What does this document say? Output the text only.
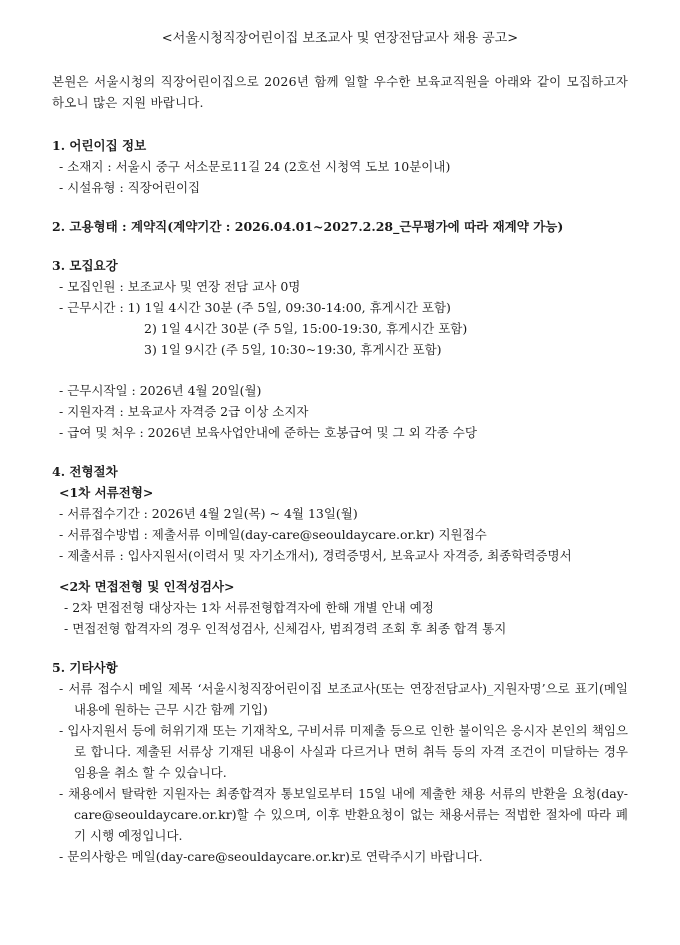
<서울시청직장어린이집 보조교사 및 연장전담교사 채용 공고>

본원은 서울시청의 직장어린이집으로 2026년 함께 일할 우수한 보육교직원을 아래와 같이 모집하고자 하오니 많은 지원 바랍니다.

1. 어린이집 정보

- 소재지 : 서울시 중구 서소문로11길 24 (2호선 시청역 도보 10분이내)

- 시설유형 : 직장어린이집

2. 고용형태 : 계약직(계약기간 : 2026.04.01~2027.2.28_근무평가에 따라 재계약 가능)

3. 모집요강

- 모집인원 : 보조교사 및 연장 전담 교사 0명

- 근무시간 : 1) 1일 4시간 30분 (주 5일, 09:30-14:00, 휴게시간 포함)

2) 1일 4시간 30분 (주 5일, 15:00-19:30, 휴게시간 포함)

3) 1일 9시간 (주 5일, 10:30~19:30, 휴게시간 포함)

- 근무시작일 : 2026년 4월 20일(월)

- 지원자격 : 보육교사 자격증 2급 이상 소지자

- 급여 및 처우 : 2026년 보육사업안내에 준하는 호봉급여 및 그 외 각종 수당

4. 전형절차

<1차 서류전형>

- 서류접수기간 : 2026년 4월 2일(목) ~ 4월 13일(월)

- 서류접수방법 : 제출서류 이메일(day-care@seouldaycare.or.kr) 지원접수

- 제출서류 : 입사지원서(이력서 및 자기소개서), 경력증명서, 보육교사 자격증, 최종학력증명서

<2차 면접전형 및 인적성검사>

- 2차 면접전형 대상자는 1차 서류전형합격자에 한해 개별 안내 예정

- 면접전형 합격자의 경우 인적성검사, 신체검사, 범죄경력 조회 후 최종 합격 통지

5. 기타사항

- 서류 접수시 메일 제목 ‘서울시청직장어린이집 보조교사(또는 연장전담교사)_지원자명’으로 표기(메일 내용에 원하는 근무 시간 함께 기입)

- 입사지원서 등에 허위기재 또는 기재착오, 구비서류 미제출 등으로 인한 불이익은 응시자 본인의 책임으로 합니다. 제출된 서류상 기재된 내용이 사실과 다르거나 면허 취득 등의 자격 조건이 미달하는 경우 임용을 취소 할 수 있습니다.

- 채용에서 탈락한 지원자는 최종합격자 통보일로부터 15일 내에 제출한 채용 서류의 반환을 요청(day-care@seouldaycare.or.kr)할 수 있으며, 이후 반환요청이 없는 채용서류는 적법한 절차에 따라 폐기 시행 예정입니다.

- 문의사항은 메일(day-care@seouldaycare.or.kr)로 연락주시기 바랍니다.
